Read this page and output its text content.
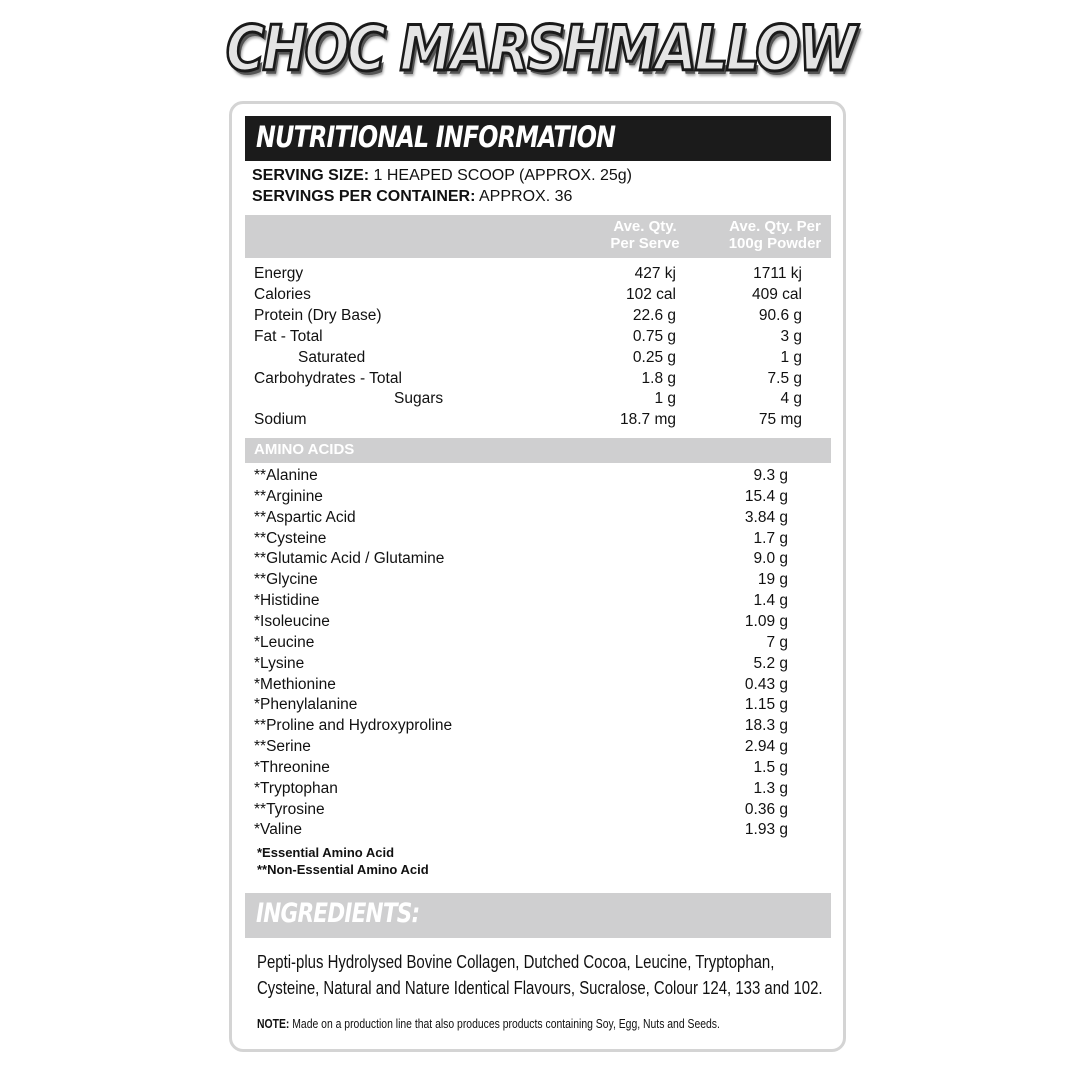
CHOC MARSHMALLOW
NUTRITIONAL INFORMATION
SERVING SIZE: 1 HEAPED SCOOP (APPROX. 25g)
SERVINGS PER CONTAINER: APPROX. 36
Ave. Qty.
Per Serve
Ave. Qty. Per
100g Powder
Energy	427 kj	1711 kj
Calories	102 cal	409 cal
Protein (Dry Base)	22.6 g	90.6 g
Fat - Total	0.75 g	3 g
Saturated	0.25 g	1 g
Carbohydrates - Total	1.8 g	7.5 g
Sugars	1 g	4 g
Sodium	18.7 mg	75 mg
AMINO ACIDS
**Alanine	9.3 g
**Arginine	15.4 g
**Aspartic Acid	3.84 g
**Cysteine	1.7 g
**Glutamic Acid / Glutamine	9.0 g
**Glycine	19 g
*Histidine	1.4 g
*Isoleucine	1.09 g
*Leucine	7 g
*Lysine	5.2 g
*Methionine	0.43 g
*Phenylalanine	1.15 g
**Proline and Hydroxyproline	18.3 g
**Serine	2.94 g
*Threonine	1.5 g
*Tryptophan	1.3 g
**Tyrosine	0.36 g
*Valine	1.93 g
*Essential Amino Acid
**Non-Essential Amino Acid
INGREDIENTS:
Pepti-plus Hydrolysed Bovine Collagen, Dutched Cocoa, Leucine, Tryptophan,
Cysteine, Natural and Nature Identical Flavours, Sucralose, Colour 124, 133 and 102.
NOTE: Made on a production line that also produces products containing Soy, Egg, Nuts and Seeds.
